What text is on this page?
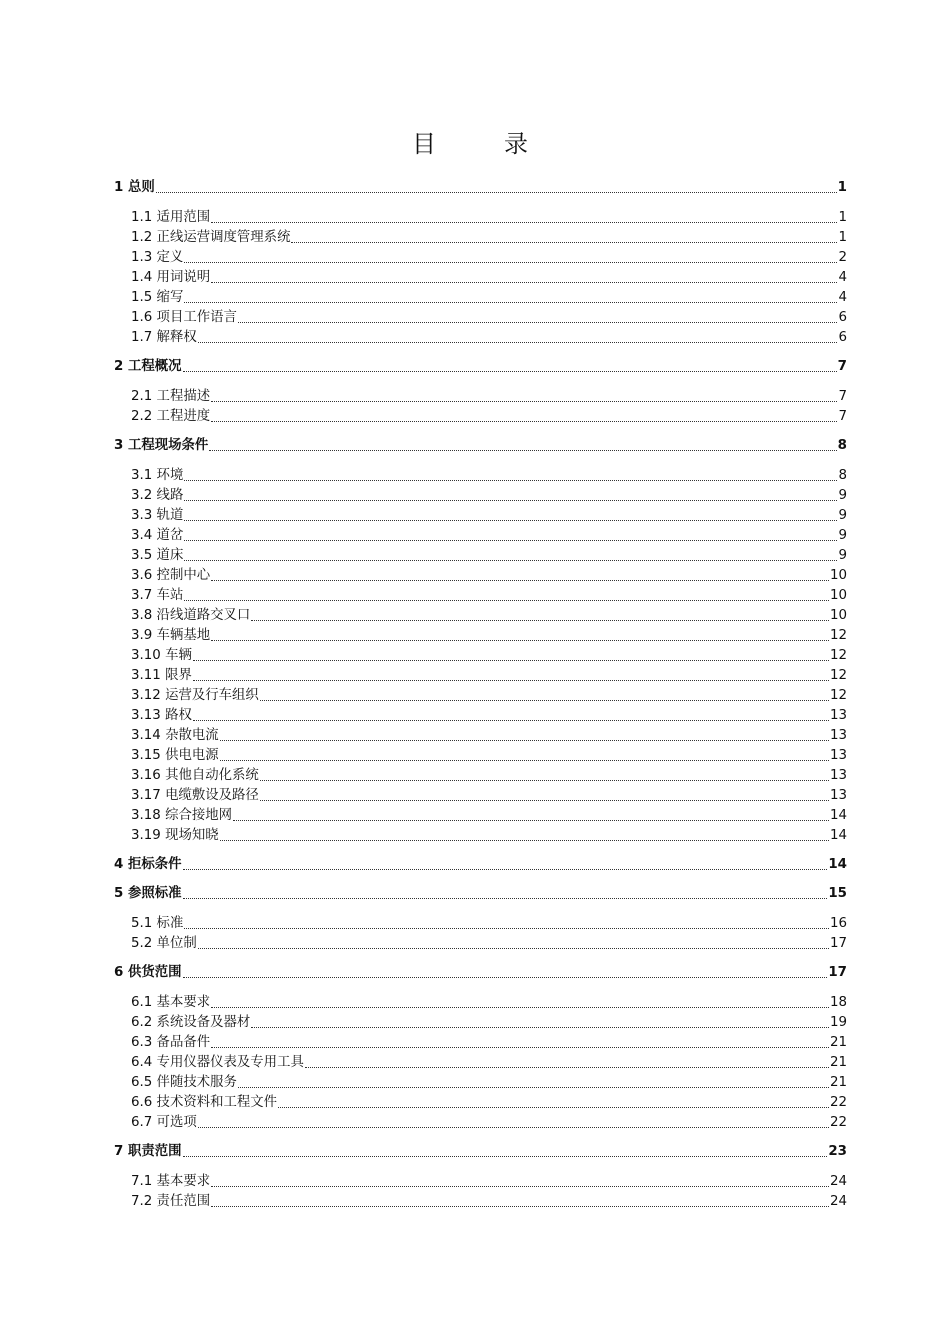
目　录
1 总则	1
1.1 适用范围	1
1.2 正线运营调度管理系统	1
1.3 定义	2
1.4 用词说明	4
1.5 缩写	4
1.6 项目工作语言	6
1.7 解释权	6
2 工程概况	7
2.1 工程描述	7
2.2 工程进度	7
3 工程现场条件	8
3.1 环境	8
3.2 线路	9
3.3 轨道	9
3.4 道岔	9
3.5 道床	9
3.6 控制中心	10
3.7 车站	10
3.8 沿线道路交叉口	10
3.9 车辆基地	12
3.10 车辆	12
3.11 限界	12
3.12 运营及行车组织	12
3.13 路权	13
3.14 杂散电流	13
3.15 供电电源	13
3.16 其他自动化系统	13
3.17 电缆敷设及路径	13
3.18 综合接地网	14
3.19 现场知晓	14
4 拒标条件	14
5 参照标准	15
5.1 标准	16
5.2 单位制	17
6 供货范围	17
6.1 基本要求	18
6.2 系统设备及器材	19
6.3 备品备件	21
6.4 专用仪器仪表及专用工具	21
6.5 伴随技术服务	21
6.6 技术资料和工程文件	22
6.7 可选项	22
7 职责范围	23
7.1 基本要求	24
7.2 责任范围	24
